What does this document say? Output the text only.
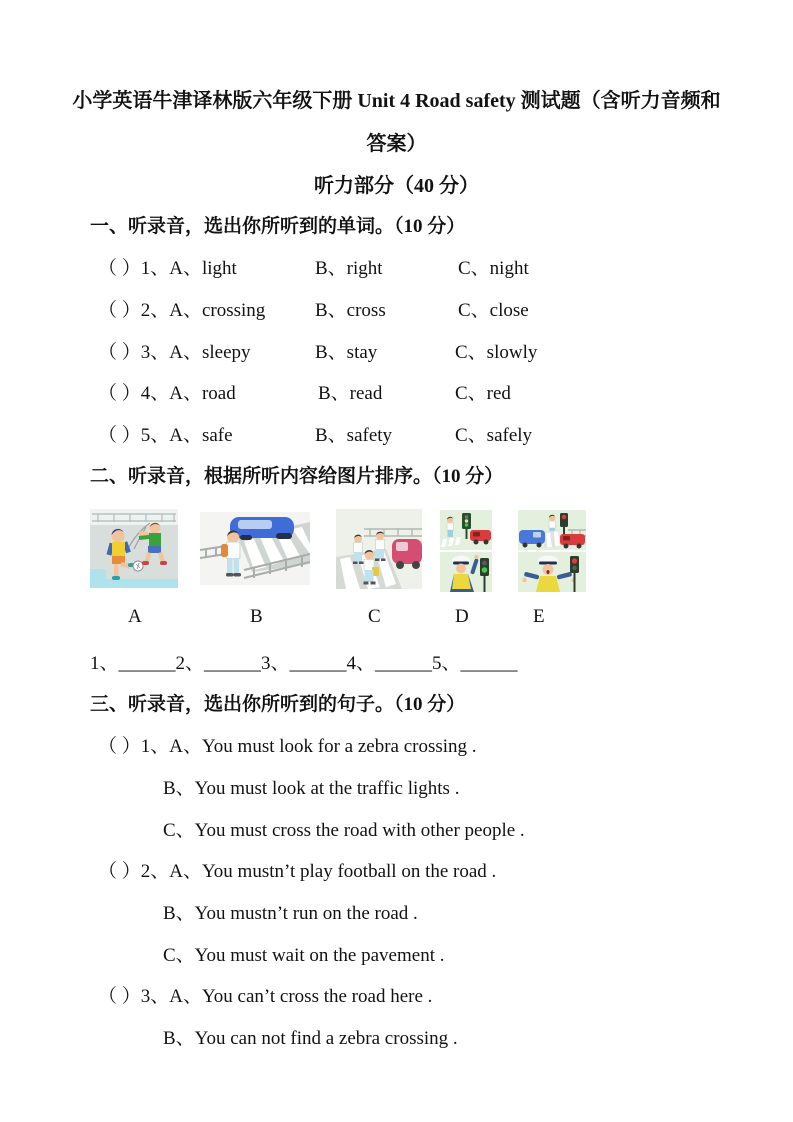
小学英语牛津译林版六年级下册 Unit 4 Road safety 测试题（含听力音频和
答案）
听力部分（40 分）
一、听录音，选出你所听到的单词。（10 分）
（ ）1、A、light	B、right	C、night
（ ）2、A、crossing	B、cross	C、close
（ ）3、A、sleepy	B、stay	C、slowly
（ ）4、A、road	B、read	C、red
（ ）5、A、safe	B、safety	C、safely
二、听录音，根据所听内容给图片排序。（10 分）
A	B	C	D	E
1、______2、______3、______4、______5、______
三、听录音，选出你所听到的句子。（10 分）
（ ）1、A、You must look for a zebra crossing .
B、You must look at the traffic lights .
C、You must cross the road with other people .
（ ）2、A、You mustn’t play football on the road .
B、You mustn’t run on the road .
C、You must wait on the pavement .
（ ）3、A、You can’t cross the road here .
B、You can not find a zebra crossing .
